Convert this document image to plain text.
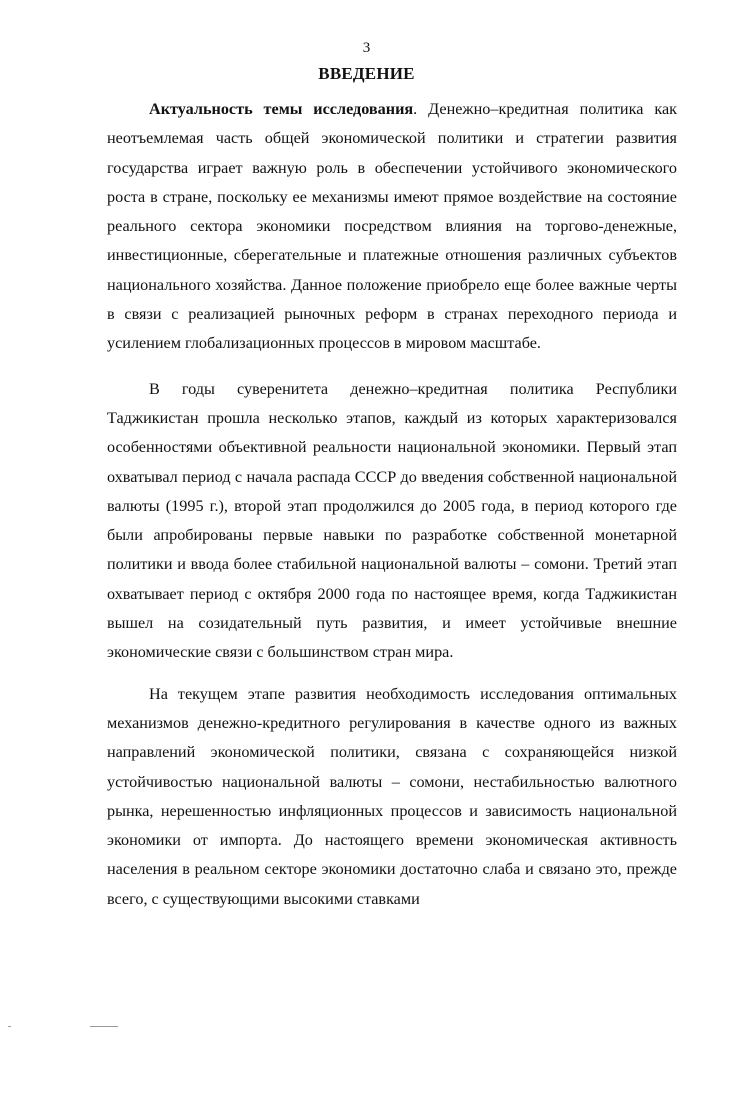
3
ВВЕДЕНИЕ

Актуальность темы исследования. Денежно–кредитная политика как неотъемлемая часть общей экономической политики и стратегии развития государства играет важную роль в обеспечении устойчивого экономического роста в стране, поскольку ее механизмы имеют прямое воздействие на состояние реального сектора экономики посредством влияния на торгово-денежные, инвестиционные, сберегательные и платежные отношения различных субъектов национального хозяйства. Данное положение приобрело еще более важные черты в связи с реализацией рыночных реформ в странах переходного периода и усилением глобализационных процессов в мировом масштабе.

В годы суверенитета денежно–кредитная политика Республики Таджикистан прошла несколько этапов, каждый из которых характеризовался особенностями объективной реальности национальной экономики. Первый этап охватывал период с начала распада СССР до введения собственной национальной валюты (1995 г.), второй этап продолжился до 2005 года, в период которого где были апробированы первые навыки по разработке собственной монетарной политики и ввода более стабильной национальной валюты – сомони. Третий этап охватывает период с октября 2000 года по настоящее время, когда Таджикистан вышел на созидательный путь развития, и имеет устойчивые внешние экономические связи с большинством стран мира.

На текущем этапе развития необходимость исследования оптимальных механизмов денежно-кредитного регулирования в качестве одного из важных направлений экономической политики, связана с сохраняющейся низкой устойчивостью национальной валюты – сомони, нестабильностью валютного рынка, нерешенностью инфляционных процессов и зависимость национальной экономики от импорта. До настоящего времени экономическая активность населения в реальном секторе экономики достаточно слаба и связано это, прежде всего, с существующими высокими ставками
